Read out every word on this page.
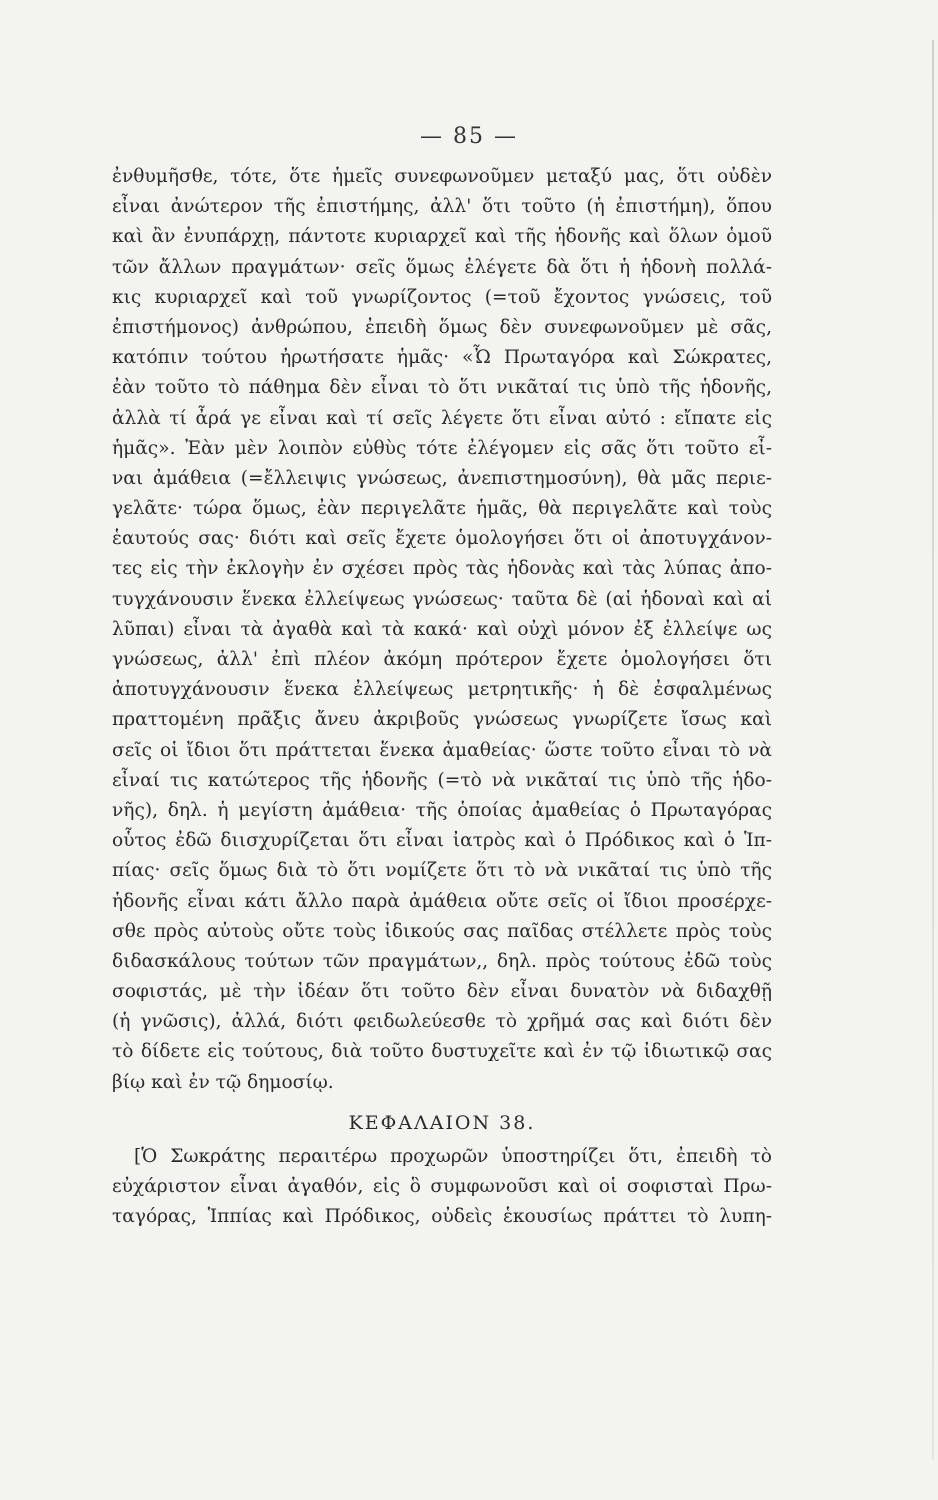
— 85 —
ἐνθυμῆσθε, τότε, ὅτε ἡμεῖς συνεφωνοῦμεν μεταξύ μας, ὅτι οὐδὲν
εἶναι ἀνώτερον τῆς ἐπιστήμης, ἀλλ' ὅτι τοῦτο (ἡ ἐπιστήμη), ὅπου
καὶ ἂν ἐνυπάρχῃ, πάντοτε κυριαρχεῖ καὶ τῆς ἡδονῆς καὶ ὅλων ὁμοῦ
τῶν ἄλλων πραγμάτων· σεῖς ὅμως ἐλέγετε δὰ ὅτι ἡ ἡδονὴ πολλά-
κις κυριαρχεῖ καὶ τοῦ γνωρίζοντος (=τοῦ ἔχοντος γνώσεις, τοῦ
ἐπιστήμονος) ἀνθρώπου, ἐπειδὴ ὅμως δὲν συνεφωνοῦμεν μὲ σᾶς,
κατόπιν τούτου ἠρωτήσατε ἡμᾶς· «Ὦ Πρωταγόρα καὶ Σώκρατες,
ἐὰν τοῦτο τὸ πάθημα δὲν εἶναι τὸ ὅτι νικᾶταί τις ὑπὸ τῆς ἡδονῆς,
ἀλλὰ τί ἆρά γε εἶναι καὶ τί σεῖς λέγετε ὅτι εἶναι αὐτό : εἴπατε εἰς
ἡμᾶς». Ἐὰν μὲν λοιπὸν εὐθὺς τότε ἐλέγομεν εἰς σᾶς ὅτι τοῦτο εἶ-
ναι ἀμάθεια (=ἔλλειψις γνώσεως, ἀνεπιστημοσύνη), θὰ μᾶς περιε-
γελᾶτε· τώρα ὅμως, ἐὰν περιγελᾶτε ἡμᾶς, θὰ περιγελᾶτε καὶ τοὺς
ἑαυτούς σας· διότι καὶ σεῖς ἔχετε ὁμολογήσει ὅτι οἱ ἀποτυγχάνον-
τες εἰς τὴν ἐκλογὴν ἐν σχέσει πρὸς τὰς ἡδονὰς καὶ τὰς λύπας ἀπο-
τυγχάνουσιν ἕνεκα ἐλλείψεως γνώσεως· ταῦτα δὲ (αἱ ἡδοναὶ καὶ αἱ
λῦπαι) εἶναι τὰ ἀγαθὰ καὶ τὰ κακά· καὶ οὐχὶ μόνον ἐξ ἐλλείψε ως
γνώσεως, ἀλλ' ἐπὶ πλέον ἀκόμη πρότερον ἔχετε ὁμολογήσει ὅτι
ἀποτυγχάνουσιν ἕνεκα ἐλλείψεως μετρητικῆς· ἡ δὲ ἐσφαλμένως
πραττομένη πρᾶξις ἄνευ ἀκριβοῦς γνώσεως γνωρίζετε ἴσως καὶ
σεῖς οἱ ἴδιοι ὅτι πράττεται ἕνεκα ἀμαθείας· ὥστε τοῦτο εἶναι τὸ νὰ
εἶναί τις κατώτερος τῆς ἡδονῆς (=τὸ νὰ νικᾶταί τις ὑπὸ τῆς ἡδο-
νῆς), δηλ. ἡ μεγίστη ἀμάθεια· τῆς ὁποίας ἀμαθείας ὁ Πρωταγόρας
οὗτος ἐδῶ διισχυρίζεται ὅτι εἶναι ἰατρὸς καὶ ὁ Πρόδικος καὶ ὁ Ἱπ-
πίας· σεῖς ὅμως διὰ τὸ ὅτι νομίζετε ὅτι τὸ νὰ νικᾶταί τις ὑπὸ τῆς
ἡδονῆς εἶναι κάτι ἄλλο παρὰ ἀμάθεια οὔτε σεῖς οἱ ἴδιοι προσέρχε-
σθε πρὸς αὐτοὺς οὔτε τοὺς ἰδικούς σας παῖδας στέλλετε πρὸς τοὺς
διδασκάλους τούτων τῶν πραγμάτων,, δηλ. πρὸς τούτους ἐδῶ τοὺς
σοφιστάς, μὲ τὴν ἰδέαν ὅτι τοῦτο δὲν εἶναι δυνατὸν νὰ διδαχθῇ
(ἡ γνῶσις), ἀλλά, διότι φειδωλεύεσθε τὸ χρῆμά σας καὶ διότι δὲν
τὸ δίδετε εἰς τούτους, διὰ τοῦτο δυστυχεῖτε καὶ ἐν τῷ ἰδιωτικῷ σας
βίῳ καὶ ἐν τῷ δημοσίῳ.
ΚΕΦΑΛΑΙΟΝ 38.
[Ὁ Σωκράτης περαιτέρω προχωρῶν ὑποστηρίζει ὅτι, ἐπειδὴ τὸ
εὐχάριστον εἶναι ἀγαθόν, εἰς ὃ συμφωνοῦσι καὶ οἱ σοφισταὶ Πρω-
ταγόρας, Ἱππίας καὶ Πρόδικος, οὐδεὶς ἑκουσίως πράττει τὸ λυπη-
